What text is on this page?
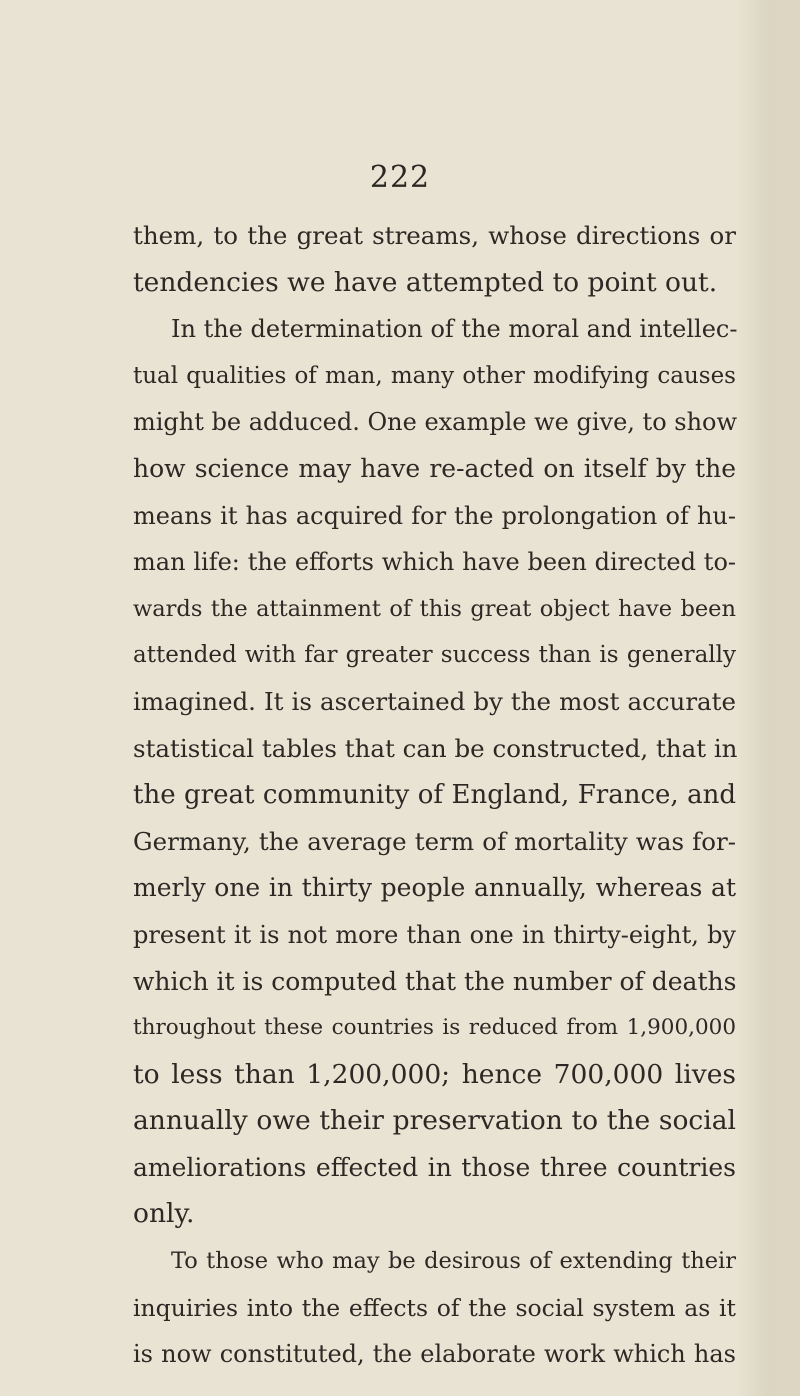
222
them, to the great streams, whose directions or
tendencies we have attempted to point out.
In the determination of the moral and intellec-
tual qualities of man, many other modifying causes
might be adduced. One example we give, to show
how science may have re-acted on itself by the
means it has acquired for the prolongation of hu-
man life: the efforts which have been directed to-
wards the attainment of this great object have been
attended with far greater success than is generally
imagined. It is ascertained by the most accurate
statistical tables that can be constructed, that in
the great community of England, France, and
Germany, the average term of mortality was for-
merly one in thirty people annually, whereas at
present it is not more than one in thirty-eight, by
which it is computed that the number of deaths
throughout these countries is reduced from 1,900,000
to less than 1,200,000; hence 700,000 lives
annually owe their preservation to the social
ameliorations effected in those three countries
only.
To those who may be desirous of extending their
inquiries into the effects of the social system as it
is now constituted, the elaborate work which has
